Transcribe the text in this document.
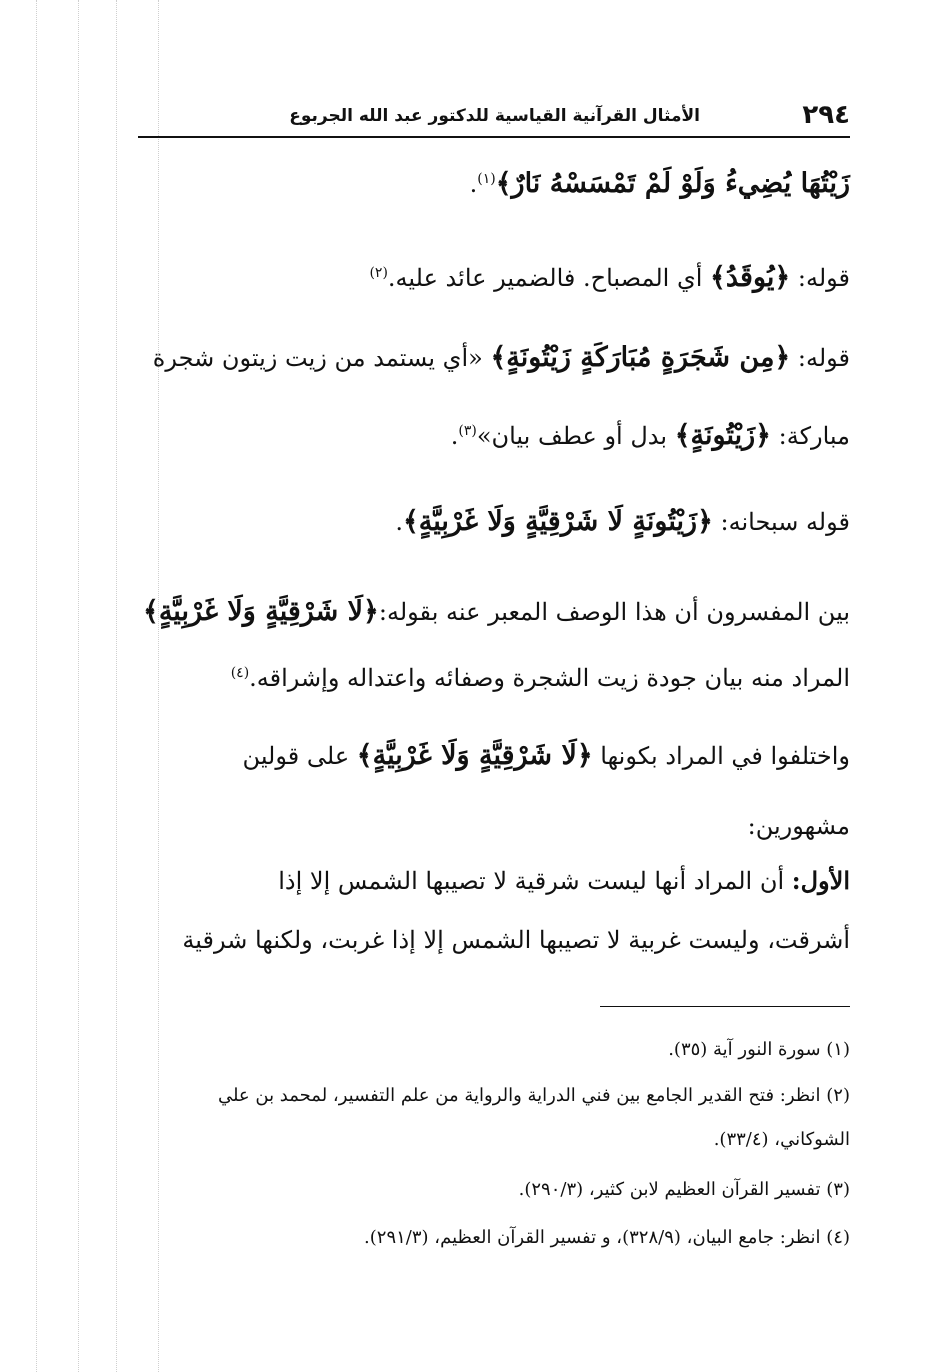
٢٩٤
الأمثال القرآنية القياسية للدكتور عبد الله الجربوع
زَيْتُهَا يُضِيءُ وَلَوْ لَمْ تَمْسَسْهُ نَارٌ﴾$^{(١)}$.
قوله: ﴿يُوقَدُ﴾ أي المصباح. فالضمير عائد عليه.$^{(٢)}$
قوله: ﴿مِن شَجَرَةٍ مُبَارَكَةٍ زَيْتُونَةٍ﴾ «أي يستمد من زيت زيتون شجرة
مباركة: ﴿زَيْتُونَةٍ﴾ بدل أو عطف بيان»$^{(٣)}$.
قوله سبحانه: ﴿زَيْتُونَةٍ لَا شَرْقِيَّةٍ وَلَا غَرْبِيَّةٍ﴾.
بين المفسرون أن هذا الوصف المعبر عنه بقوله:﴿لَا شَرْقِيَّةٍ وَلَا غَرْبِيَّةٍ﴾
المراد منه بيان جودة زيت الشجرة وصفائه واعتداله وإشراقه.$^{(٤)}$
واختلفوا في المراد بكونها ﴿لَا شَرْقِيَّةٍ وَلَا غَرْبِيَّةٍ﴾ على قولين
مشهورين:
الأول: أن المراد أنها ليست شرقية لا تصيبها الشمس إلا إذا
أشرقت، وليست غربية لا تصيبها الشمس إلا إذا غربت، ولكنها شرقية
(١) سورة النور آية (٣٥).
(٢) انظر: فتح القدير الجامع بين فني الدراية والرواية من علم التفسير، لمحمد بن علي
الشوكاني، (٣٣/٤).
(٣) تفسير القرآن العظيم لابن كثير، (٢٩٠/٣).
(٤) انظر: جامع البيان، (٣٢٨/٩)، و تفسير القرآن العظيم، (٢٩١/٣).
